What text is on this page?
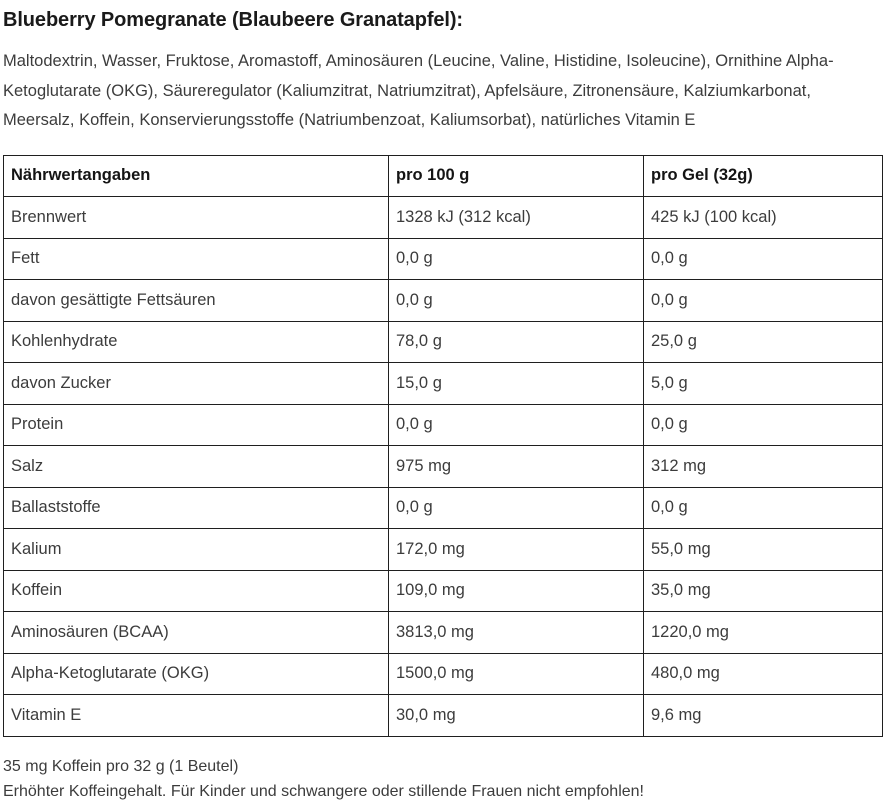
Blueberry Pomegranate (Blaubeere Granatapfel):

Maltodextrin, Wasser, Fruktose, Aromastoff, Aminosäuren (Leucine, Valine, Histidine, Isoleucine), Ornithine Alpha-Ketoglutarate (OKG), Säureregulator (Kaliumzitrat, Natriumzitrat), Apfelsäure, Zitronensäure, Kalziumkarbonat, Meersalz, Koffein, Konservierungsstoffe (Natriumbenzoat, Kaliumsorbat), natürliches Vitamin E

Nährwertangaben	pro 100 g	pro Gel (32g)
Brennwert	1328 kJ (312 kcal)	425 kJ (100 kcal)
Fett	0,0 g	0,0 g
davon gesättigte Fettsäuren	0,0 g	0,0 g
Kohlenhydrate	78,0 g	25,0 g
davon Zucker	15,0 g	5,0 g
Protein	0,0 g	0,0 g
Salz	975 mg	312 mg
Ballaststoffe	0,0 g	0,0 g
Kalium	172,0 mg	55,0 mg
Koffein	109,0 mg	35,0 mg
Aminosäuren (BCAA)	3813,0 mg	1220,0 mg
Alpha-Ketoglutarate (OKG)	1500,0 mg	480,0 mg
Vitamin E	30,0 mg	9,6 mg
35 mg Koffein pro 32 g (1 Beutel)
Erhöhter Koffeingehalt. Für Kinder und schwangere oder stillende Frauen nicht empfohlen!
